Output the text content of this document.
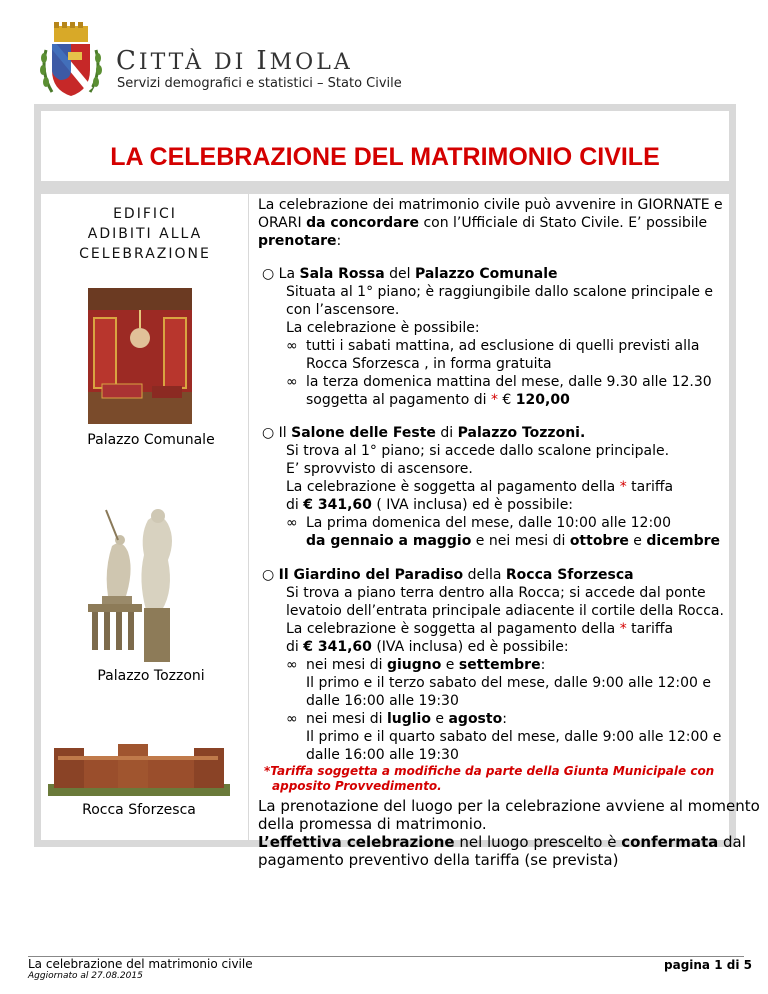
CITTÀ DI IMOLA
Servizi demografici e statistici – Stato Civile
LA CELEBRAZIONE DEL MATRIMONIO CIVILE
EDIFICI
ADIBITI ALLA
CELEBRAZIONE
Palazzo Comunale
Palazzo Tozzoni
Rocca Sforzesca
La celebrazione dei matrimonio civile può avvenire in GIORNATE e
ORARI da concordare con l’Ufficiale di Stato Civile. E’ possibile
prenotare:
○ La Sala Rossa del Palazzo Comunale
Situata al 1° piano; è raggiungibile dallo scalone principale e
con l’ascensore.
La celebrazione è possibile:
∞ tutti i sabati mattina, ad esclusione di quelli previsti alla
Rocca Sforzesca , in forma gratuita
∞ la terza domenica mattina del mese, dalle 9.30 alle 12.30
soggetta al pagamento di * € 120,00
○ Il Salone delle Feste di Palazzo Tozzoni.
Si trova al 1° piano; si accede dallo scalone principale.
E’ sprovvisto di ascensore.
La celebrazione è soggetta al pagamento della * tariffa
di € 341,60 ( IVA inclusa) ed è possibile:
∞ La prima domenica del mese, dalle 10:00 alle 12:00
da gennaio a maggio e nei mesi di ottobre e dicembre
○ Il Giardino del Paradiso della Rocca Sforzesca
Si trova a piano terra dentro alla Rocca; si accede dal ponte
levatoio dell’entrata principale adiacente il cortile della Rocca.
La celebrazione è soggetta al pagamento della * tariffa
di € 341,60 (IVA inclusa) ed è possibile:
∞ nei mesi di giugno e settembre:
Il primo e il terzo sabato del mese, dalle 9:00 alle 12:00 e
dalle 16:00 alle 19:30
∞ nei mesi di luglio e agosto:
Il primo e il quarto sabato del mese, dalle 9:00 alle 12:00 e
dalle 16:00 alle 19:30
*Tariffa soggetta a modifiche da parte della Giunta Municipale con
apposito Provvedimento.
La prenotazione del luogo per la celebrazione avviene al momento
della promessa di matrimonio.
L’effettiva celebrazione nel luogo prescelto è confermata dal
pagamento preventivo della tariffa (se prevista)
La celebrazione del matrimonio civile
Aggiornato al 27.08.2015
pagina 1 di 5
